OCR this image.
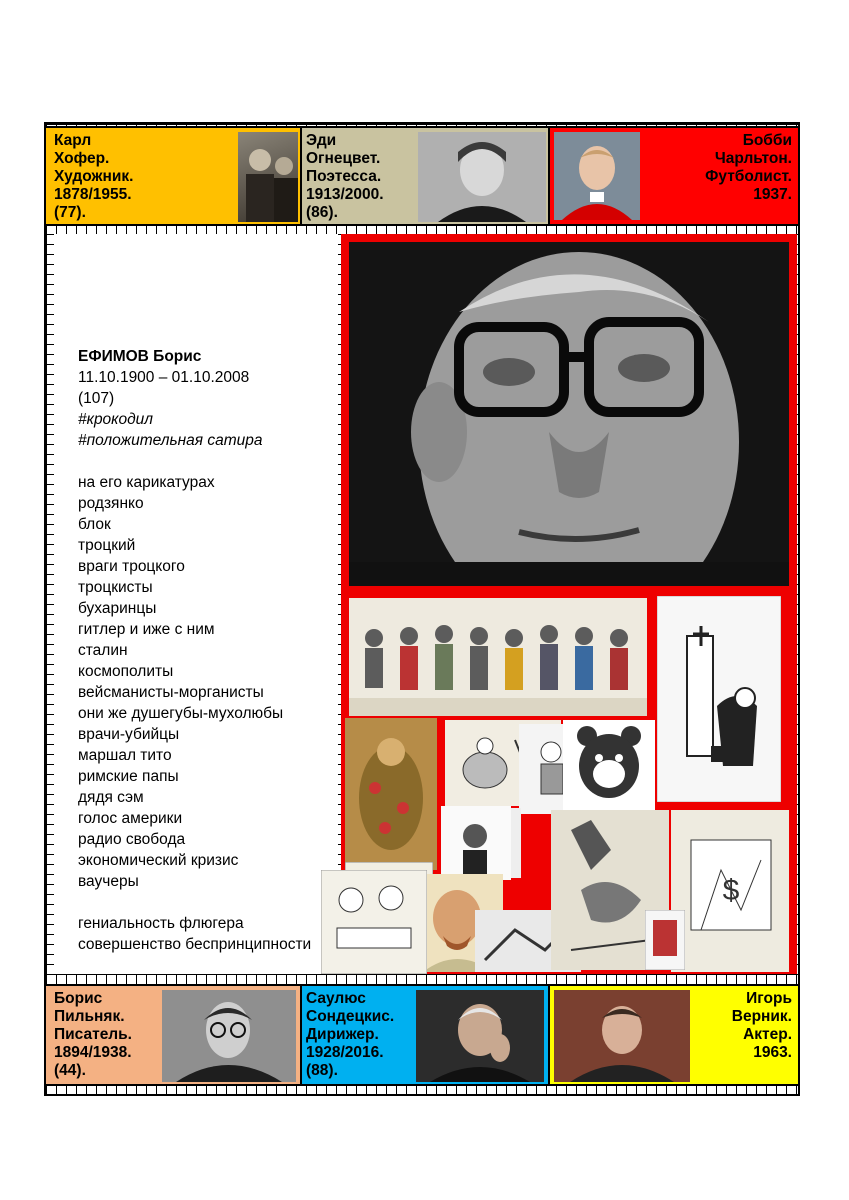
Карл
Хофер.
Художник.
1878/1955.
(77).
Эди
Огнецвет.
Поэтесса.
1913/2000.
(86).
Бобби
Чарльтон.
Футболист.
1937.
ЕФИМОВ Борис
11.10.1900 – 01.10.2008
(107)
#крокодил
#положительная сатира
на его карикатурах
родзянко
блок
троцкий
враги троцкого
троцкисты
бухаринцы
гитлер и иже с ним
сталин
космополиты
вейсманисты-морганисты
они же душегубы-мухолюбы
врачи-убийцы
маршал тито
римские папы
дядя сэм
голос америки
радио свобода
экономический кризис
ваучеры
гениальность флюгера
совершенство беспринципности
$
Борис
Пильняк.
Писатель.
1894/1938.
(44).
Саулюс
Сондецкис.
Дирижер.
1928/2016.
(88).
Игорь
Верник.
Актер.
1963.
